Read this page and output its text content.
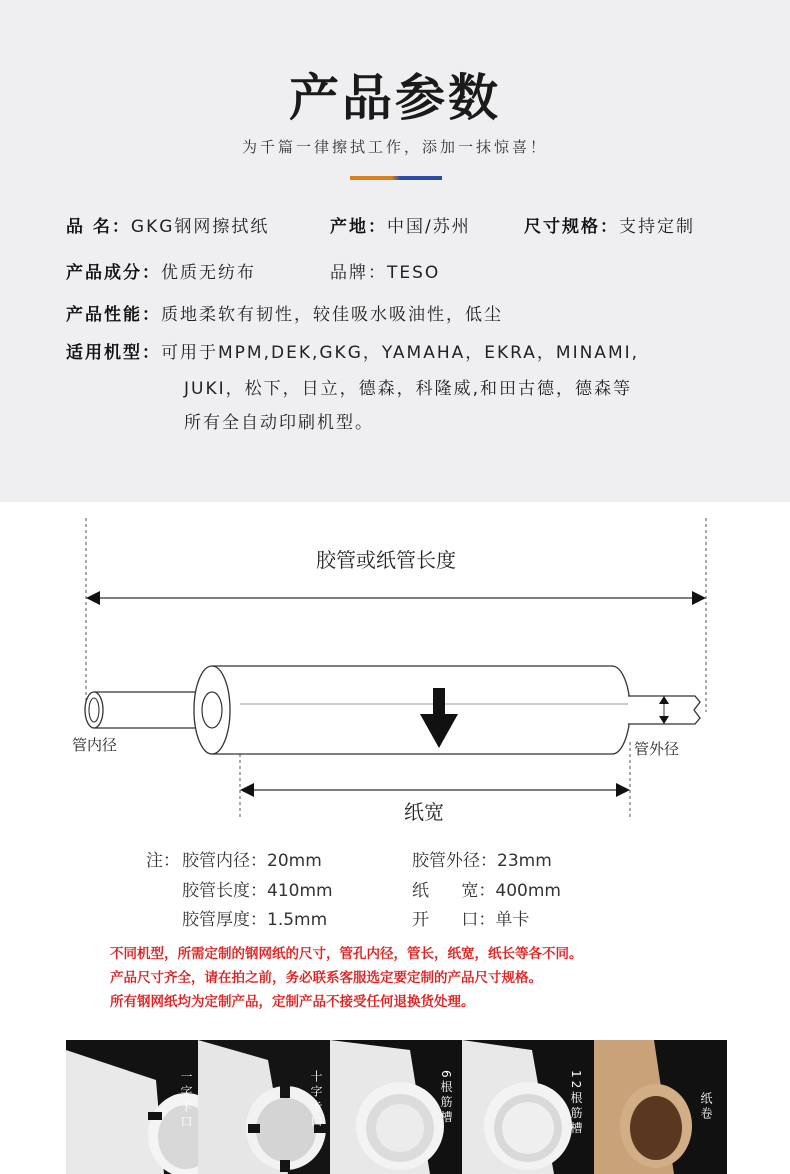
产品参数
为千篇一律擦拭工作，添加一抹惊喜！
品 名：GKG钢网擦拭纸	产地：中国/苏州	尺寸规格：支持定制
产品成分：优质无纺布	品牌：TESO
产品性能：质地柔软有韧性，较佳吸水吸油性，低尘
适用机型：可用于MPM,DEK,GKG，YAMAHA，EKRA，MINAMI,
JUKI，松下，日立，德森，科隆威,和田古德，德森等
所有全自动印刷机型。
胶管或纸管长度
管内径	管外径
纸宽
注： 胶管内径：20mm	胶管外径：23mm
胶管长度：410mm	纸      宽：400mm
胶管厚度：1.5mm	开      口：单卡
不同机型，所需定制的钢网纸的尺寸，管孔内径，管长，纸宽，纸长等各不同。
产品尺寸齐全，请在拍之前，务必联系客服选定要定制的产品尺寸规格。
所有钢网纸均为定制产品，定制产品不接受任何退换货处理。
一字卡口	十字卡口	6根筋槽	12根筋槽	纸卷
